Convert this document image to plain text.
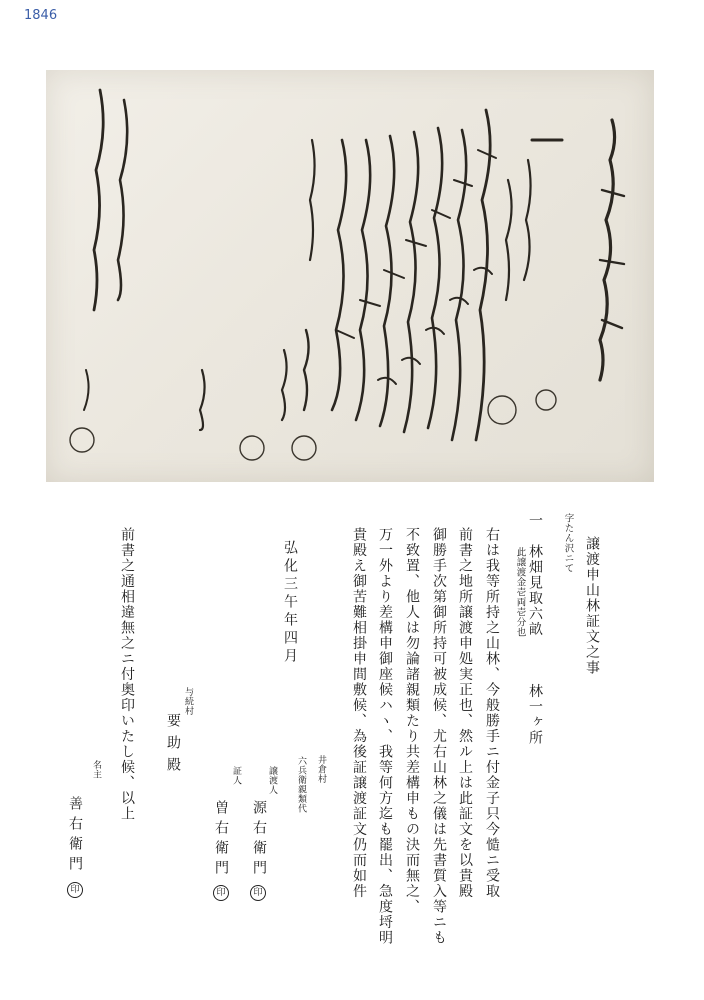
1846
譲渡申山林証文之事
字たん沢ニて
一　林畑見取六畝　　　林一ヶ所
此譲渡金壱両壱分也
右は我等所持之山林、今般勝手ニ付金子只今慥ニ受取
前書之地所譲渡申処実正也、然ル上は此証文を以貴殿
御勝手次第御所持可被成候、尤右山林之儀は先書質入等ニも
不致置、他人は勿論諸親類たり共差構申もの決而無之、
万一外より差構申御座候ハヽ、我等何方迄も罷出、急度埒明
貴殿え御苦難相掛申間敷候、為後証譲渡証文仍而如件
弘化三午年四月
井倉村
六兵衛親類代
譲渡人
源右衛門
印
証人
曽右衛門
印
与続村
要助殿
前書之通相違無之ニ付奥印いたし候、以上
名主
善右衛門
印
